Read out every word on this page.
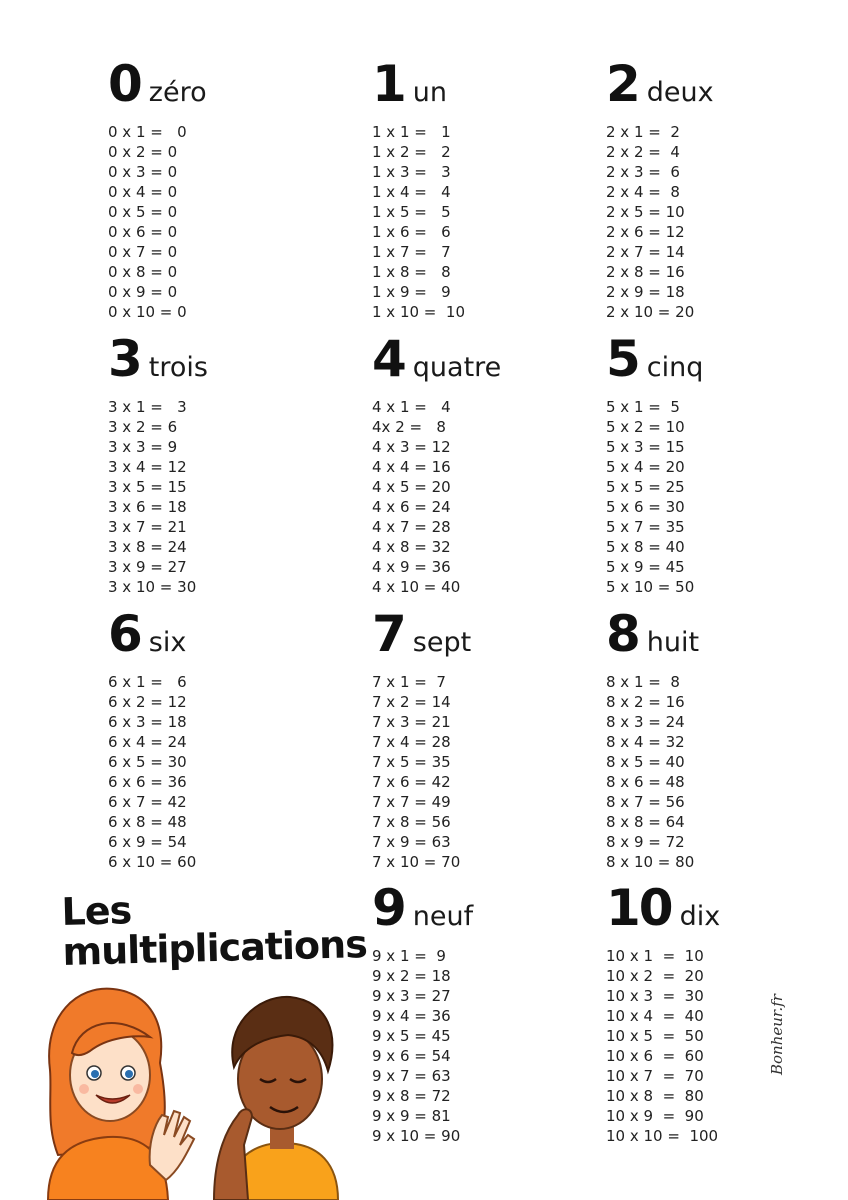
0 zéro
0 x 1 =   0
0 x 2 = 0
0 x 3 = 0
0 x 4 = 0
0 x 5 = 0
0 x 6 = 0
0 x 7 = 0
0 x 8 = 0
0 x 9 = 0
0 x 10 = 0
1 un
1 x 1 =   1
1 x 2 =   2
1 x 3 =   3
1 x 4 =   4
1 x 5 =   5
1 x 6 =   6
1 x 7 =   7
1 x 8 =   8
1 x 9 =   9
1 x 10 =  10
2 deux
2 x 1 =  2
2 x 2 =  4
2 x 3 =  6
2 x 4 =  8
2 x 5 = 10
2 x 6 = 12
2 x 7 = 14
2 x 8 = 16
2 x 9 = 18
2 x 10 = 20
3 trois
3 x 1 =   3
3 x 2 = 6
3 x 3 = 9
3 x 4 = 12
3 x 5 = 15
3 x 6 = 18
3 x 7 = 21
3 x 8 = 24
3 x 9 = 27
3 x 10 = 30
4 quatre
4 x 1 =   4
4x 2 =   8
4 x 3 = 12
4 x 4 = 16
4 x 5 = 20
4 x 6 = 24
4 x 7 = 28
4 x 8 = 32
4 x 9 = 36
4 x 10 = 40
5 cinq
5 x 1 =  5
5 x 2 = 10
5 x 3 = 15
5 x 4 = 20
5 x 5 = 25
5 x 6 = 30
5 x 7 = 35
5 x 8 = 40
5 x 9 = 45
5 x 10 = 50
6 six
6 x 1 =   6
6 x 2 = 12
6 x 3 = 18
6 x 4 = 24
6 x 5 = 30
6 x 6 = 36
6 x 7 = 42
6 x 8 = 48
6 x 9 = 54
6 x 10 = 60
7 sept
7 x 1 =  7
7 x 2 = 14
7 x 3 = 21
7 x 4 = 28
7 x 5 = 35
7 x 6 = 42
7 x 7 = 49
7 x 8 = 56
7 x 9 = 63
7 x 10 = 70
8 huit
8 x 1 =  8
8 x 2 = 16
8 x 3 = 24
8 x 4 = 32
8 x 5 = 40
8 x 6 = 48
8 x 7 = 56
8 x 8 = 64
8 x 9 = 72
8 x 10 = 80
9 neuf
9 x 1 =  9
9 x 2 = 18
9 x 3 = 27
9 x 4 = 36
9 x 5 = 45
9 x 6 = 54
9 x 7 = 63
9 x 8 = 72
9 x 9 = 81
9 x 10 = 90
10 dix
10 x 1  =  10
10 x 2  =  20
10 x 3  =  30
10 x 4  =  40
10 x 5  =  50
10 x 6  =  60
10 x 7  =  70
10 x 8  =  80
10 x 9  =  90
10 x 10 =  100
Les
multiplications
Bonheur.fr
